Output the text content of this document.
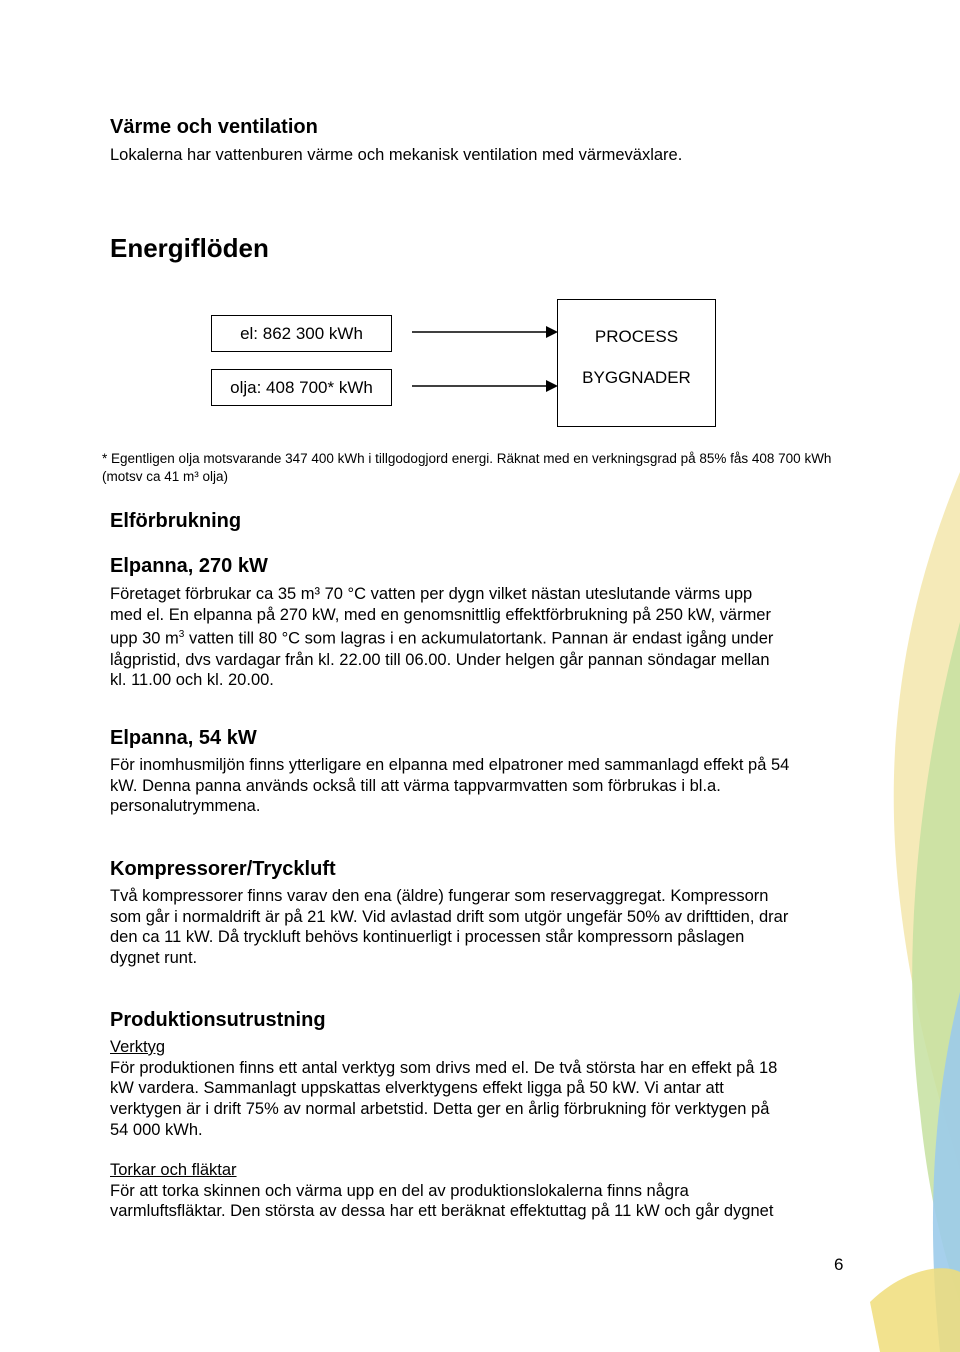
Värme och ventilation
Lokalerna har vattenburen värme och mekanisk ventilation med värmeväxlare.
Energiflöden
el: 862 300 kWh
olja: 408 700* kWh
PROCESS
BYGGNADER
* Egentligen olja motsvarande 347 400 kWh i tillgodogjord energi. Räknat med en verkningsgrad på 85% fås 408 700 kWh
(motsv ca 41 m³ olja)
Elförbrukning
Elpanna, 270 kW

Företaget förbrukar ca 35 m³ 70 °C vatten per dygn vilket nästan uteslutande värms upp

med el. En elpanna på 270 kW, med en genomsnittlig effektförbrukning på 250 kW, värmer

upp 30 $m^3$ vatten till 80 °C som lagras i en ackumulatortank. Pannan är endast igång under

lågpristid, dvs vardagar från kl. 22.00 till 06.00. Under helgen går pannan söndagar mellan

kl. 11.00 och kl. 20.00.

Elpanna, 54 kW

För inomhusmiljön finns ytterligare en elpanna med elpatroner med sammanlagd effekt på 54

kW. Denna panna används också till att värma tappvarmvatten som förbrukas i bl.a.

personalutrymmena.

Kompressorer/Tryckluft

Två kompressorer finns varav den ena (äldre) fungerar som reservaggregat. Kompressorn

som går i normaldrift är på 21 kW. Vid avlastad drift som utgör ungefär 50% av drifttiden, drar

den ca 11 kW. Då tryckluft behövs kontinuerligt i processen står kompressorn påslagen

dygnet runt.

Produktionsutrustning

Verktyg

För produktionen finns ett antal verktyg som drivs med el. De två största har en effekt på 18

kW vardera. Sammanlagt uppskattas elverktygens effekt ligga på 50 kW. Vi antar att

verktygen är i drift 75% av normal arbetstid. Detta ger en årlig förbrukning för verktygen på

54 000 kWh.

Torkar och fläktar

För att torka skinnen och värma upp en del av produktionslokalerna finns några

varmluftsfläktar. Den största av dessa har ett beräknat effektuttag på 11 kW och går dygnet

6
